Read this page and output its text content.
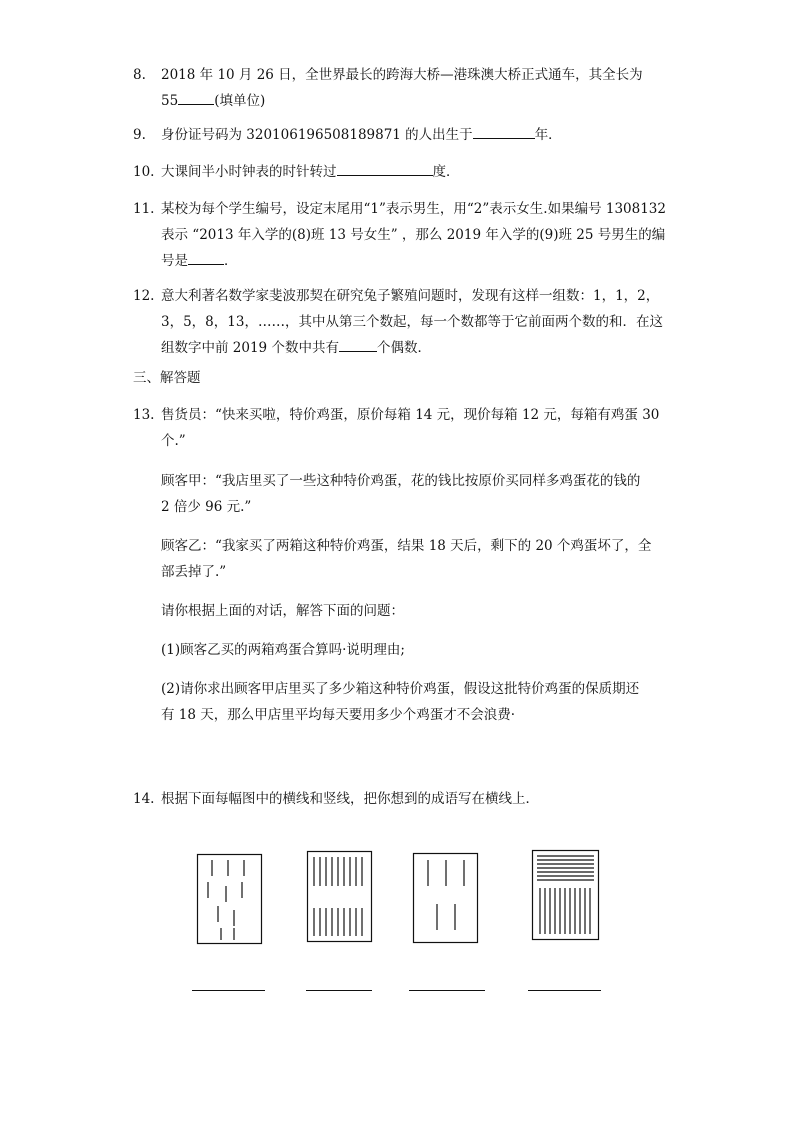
8.	2018 年 10 月 26 日，全世界最长的跨海大桥—港珠澳大桥正式通车，其全长为
55	(填单位)
9.	身份证号码为 320106196508189871 的人出生于	年．
10. 大课间半小时钟表的时针转过	度．
11. 某校为每个学生编号，设定末尾用“1”表示男生，用“2”表示女生.如果编号 1308132
表示 “2013 年入学的(8)班 13 号女生” ，那么 2019 年入学的(9)班 25 号男生的编
号是	．
12. 意大利著名数学家斐波那契在研究兔子繁殖问题时，发现有这样一组数：1，1，2，
3，5，8，13，……，其中从第三个数起，每一个数都等于它前面两个数的和．在这
组数字中前 2019 个数中共有	个偶数．
三、解答题
13. 售货员：“快来买啦，特价鸡蛋，原价每箱 14 元，现价每箱 12 元，每箱有鸡蛋 30
个.”
顾客甲：“我店里买了一些这种特价鸡蛋，花的钱比按原价买同样多鸡蛋花的钱的
2 倍少 96 元.”
顾客乙：“我家买了两箱这种特价鸡蛋，结果 18 天后，剩下的 20 个鸡蛋坏了，全
部丢掉了.”
请你根据上面的对话，解答下面的问题：
(1)顾客乙买的两箱鸡蛋合算吗·说明理由;
(2)请你求出顾客甲店里买了多少箱这种特价鸡蛋，假设这批特价鸡蛋的保质期还
有 18 天，那么甲店里平均每天要用多少个鸡蛋才不会浪费·
14. 根据下面每幅图中的横线和竖线，把你想到的成语写在横线上．
